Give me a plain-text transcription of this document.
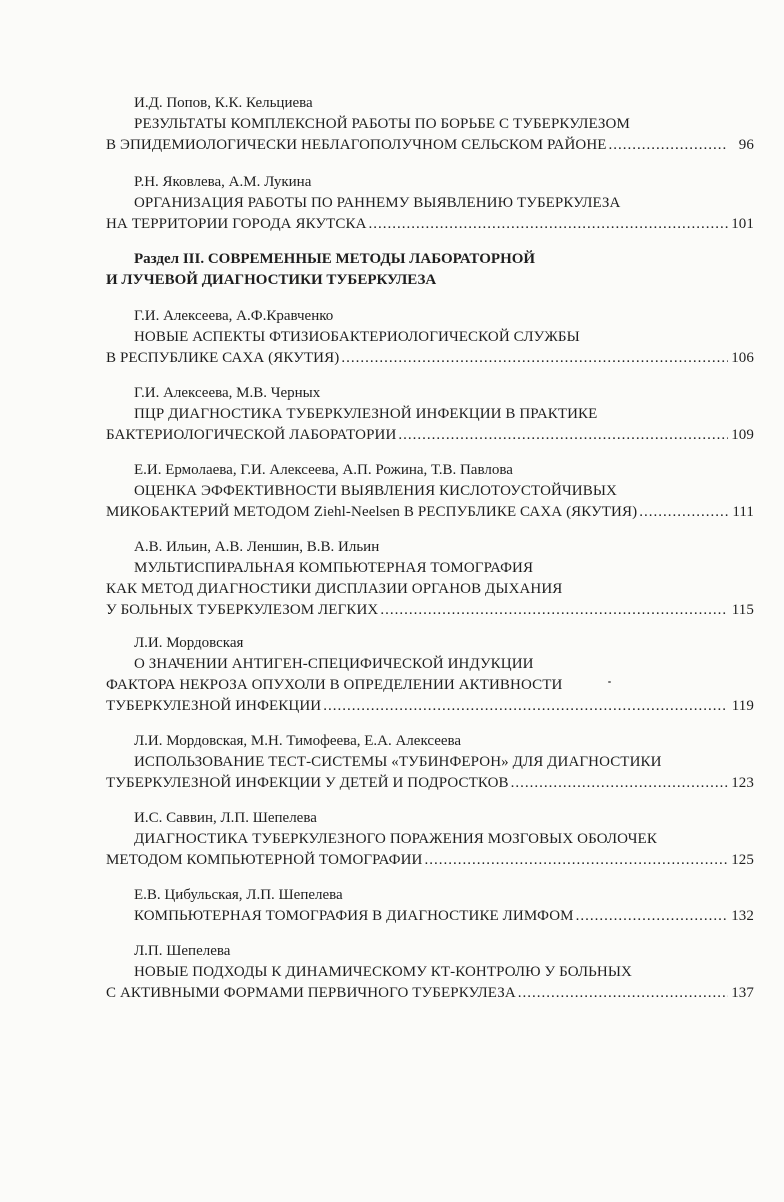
И.Д. Попов, К.К. Кельциева
РЕЗУЛЬТАТЫ КОМПЛЕКСНОЙ РАБОТЫ ПО БОРЬБЕ С ТУБЕРКУЛЕЗОМ
В ЭПИДЕМИОЛОГИЧЕСКИ НЕБЛАГОПОЛУЧНОМ СЕЛЬСКОМ РАЙОНЕ .....	96
Р.Н. Яковлева, А.М. Лукина
ОРГАНИЗАЦИЯ РАБОТЫ ПО РАННЕМУ ВЫЯВЛЕНИЮ ТУБЕРКУЛЕЗА
НА ТЕРРИТОРИИ ГОРОДА ЯКУТСКА .....	101
Раздел III. СОВРЕМЕННЫЕ МЕТОДЫ ЛАБОРАТОРНОЙ
И ЛУЧЕВОЙ ДИАГНОСТИКИ ТУБЕРКУЛЕЗА
Г.И. Алексеева, А.Ф.Кравченко
НОВЫЕ АСПЕКТЫ ФТИЗИОБАКТЕРИОЛОГИЧЕСКОЙ СЛУЖБЫ
В РЕСПУБЛИКЕ САХА (ЯКУТИЯ) .....	106
Г.И. Алексеева, М.В. Черных
ПЦР ДИАГНОСТИКА ТУБЕРКУЛЕЗНОЙ ИНФЕКЦИИ В ПРАКТИКЕ
БАКТЕРИОЛОГИЧЕСКОЙ ЛАБОРАТОРИИ .....	109
Е.И. Ермолаева, Г.И. Алексеева, А.П. Рожина, Т.В. Павлова
ОЦЕНКА ЭФФЕКТИВНОСТИ ВЫЯВЛЕНИЯ КИСЛОТОУСТОЙЧИВЫХ
МИКОБАКТЕРИЙ МЕТОДОМ Ziehl-Neelsen В РЕСПУБЛИКЕ САХА (ЯКУТИЯ) .....	111
А.В. Ильин, А.В. Леншин, В.В. Ильин
МУЛЬТИСПИРАЛЬНАЯ КОМПЬЮТЕРНАЯ ТОМОГРАФИЯ
КАК МЕТОД ДИАГНОСТИКИ ДИСПЛАЗИИ ОРГАНОВ ДЫХАНИЯ
У БОЛЬНЫХ ТУБЕРКУЛЕЗОМ ЛЕГКИХ .....	115
Л.И. Мордовская
О ЗНАЧЕНИИ АНТИГЕН-СПЕЦИФИЧЕСКОЙ ИНДУКЦИИ
ФАКТОРА НЕКРОЗА ОПУХОЛИ В ОПРЕДЕЛЕНИИ АКТИВНОСТИ
ТУБЕРКУЛЕЗНОЙ ИНФЕКЦИИ .....	119
Л.И. Мордовская, М.Н. Тимофеева, Е.А. Алексеева
ИСПОЛЬЗОВАНИЕ ТЕСТ-СИСТЕМЫ «ТУБИНФЕРОН» ДЛЯ ДИАГНОСТИКИ
ТУБЕРКУЛЕЗНОЙ ИНФЕКЦИИ У ДЕТЕЙ И ПОДРОСТКОВ .....	123
И.С. Саввин, Л.П. Шепелева
ДИАГНОСТИКА ТУБЕРКУЛЕЗНОГО ПОРАЖЕНИЯ МОЗГОВЫХ ОБОЛОЧЕК
МЕТОДОМ КОМПЬЮТЕРНОЙ ТОМОГРАФИИ .....	125
Е.В. Цибульская, Л.П. Шепелева
КОМПЬЮТЕРНАЯ ТОМОГРАФИЯ В ДИАГНОСТИКЕ ЛИМФОМ .....	132
Л.П. Шепелева
НОВЫЕ ПОДХОДЫ К ДИНАМИЧЕСКОМУ КТ-КОНТРОЛЮ У БОЛЬНЫХ
С АКТИВНЫМИ ФОРМАМИ ПЕРВИЧНОГО ТУБЕРКУЛЕЗА .....	137
